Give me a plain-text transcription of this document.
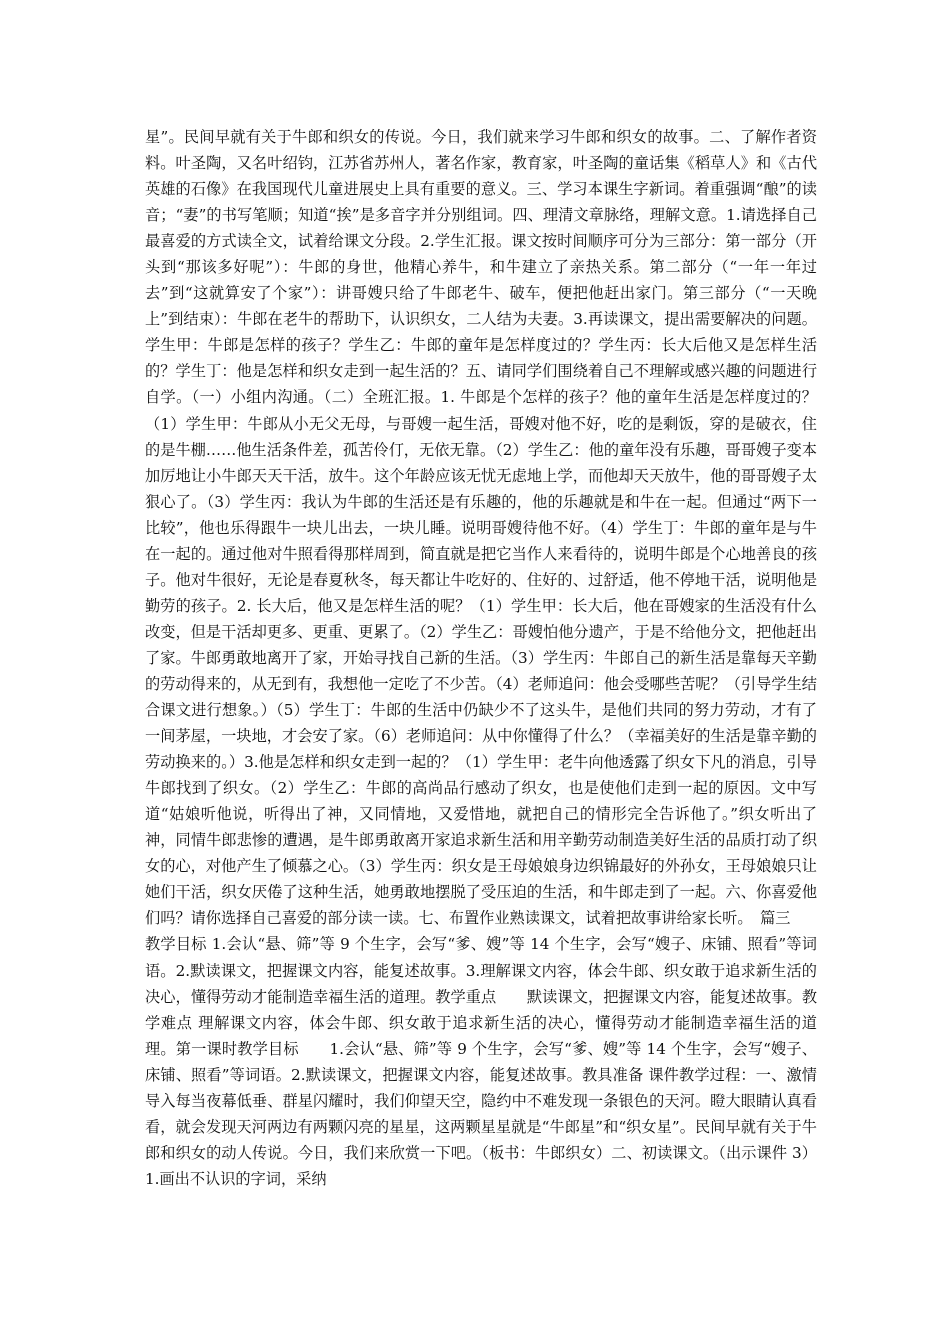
星”。民间早就有关于牛郎和织女的传说。今日，我们就来学习牛郎和织女的故事。二、了解作者资料。叶圣陶，又名叶绍钧，江苏省苏州人，著名作家，教育家，叶圣陶的童话集《稻草人》和《古代英雄的石像》在我国现代儿童进展史上具有重要的意义。三、学习本课生字新词。着重强调“酿”的读音；“妻”的书写笔顺；知道“挨”是多音字并分别组词。四、理清文章脉络，理解文意。1.请选择自己最喜爱的方式读全文，试着给课文分段。2.学生汇报。课文按时间顺序可分为三部分：第一部分（开头到“那该多好呢”）：牛郎的身世，他精心养牛，和牛建立了亲热关系。第二部分（“一年一年过去”到“这就算安了个家”）：讲哥嫂只给了牛郎老牛、破车，便把他赶出家门。第三部分（“一天晚上”到结束）：牛郎在老牛的帮助下，认识织女，二人结为夫妻。3.再读课文，提出需要解决的问题。学生甲：牛郎是怎样的孩子？学生乙：牛郎的童年是怎样度过的？学生丙：长大后他又是怎样生活的？学生丁：他是怎样和织女走到一起生活的？五、请同学们围绕着自己不理解或感兴趣的问题进行自学。（一）小组内沟通。（二）全班汇报。1. 牛郎是个怎样的孩子？他的童年生活是怎样度过的？（1）学生甲：牛郎从小无父无母，与哥嫂一起生活，哥嫂对他不好，吃的是剩饭，穿的是破衣，住的是牛棚……他生活条件差，孤苦伶仃，无依无靠。（2）学生乙：他的童年没有乐趣，哥哥嫂子变本加厉地让小牛郎天天干活，放牛。这个年龄应该无忧无虑地上学，而他却天天放牛，他的哥哥嫂子太狠心了。（3）学生丙：我认为牛郎的生活还是有乐趣的，他的乐趣就是和牛在一起。但通过“两下一比较”，他也乐得跟牛一块儿出去，一块儿睡。说明哥嫂待他不好。（4）学生丁：牛郎的童年是与牛在一起的。通过他对牛照看得那样周到，简直就是把它当作人来看待的，说明牛郎是个心地善良的孩子。他对牛很好，无论是春夏秋冬，每天都让牛吃好的、住好的、过舒适，他不停地干活，说明他是勤劳的孩子。2. 长大后，他又是怎样生活的呢？（1）学生甲：长大后，他在哥嫂家的生活没有什么改变，但是干活却更多、更重、更累了。（2）学生乙：哥嫂怕他分遗产，于是不给他分文，把他赶出了家。牛郎勇敢地离开了家，开始寻找自己新的生活。（3）学生丙：牛郎自己的新生活是靠每天辛勤的劳动得来的，从无到有，我想他一定吃了不少苦。（4）老师追问：他会受哪些苦呢？（引导学生结合课文进行想象。）（5）学生丁：牛郎的生活中仍缺少不了这头牛，是他们共同的努力劳动，才有了一间茅屋，一块地，才会安了家。（6）老师追问：从中你懂得了什么？（幸福美好的生活是靠辛勤的劳动换来的。）3.他是怎样和织女走到一起的？（1）学生甲：老牛向他透露了织女下凡的消息，引导牛郎找到了织女。（2）学生乙：牛郎的高尚品行感动了织女，也是使他们走到一起的原因。文中写道“姑娘听他说，听得出了神，又同情地，又爱惜地，就把自己的情形完全告诉他了。”织女听出了神，同情牛郎悲惨的遭遇，是牛郎勇敢离开家追求新生活和用辛勤劳动制造美好生活的品质打动了织女的心，对他产生了倾慕之心。（3）学生丙：织女是王母娘娘身边织锦最好的外孙女，王母娘娘只让她们干活，织女厌倦了这种生活，她勇敢地摆脱了受压迫的生活，和牛郎走到了一起。六、你喜爱他们吗？请你选择自己喜爱的部分读一读。七、布置作业熟读课文，试着把故事讲给家长听。　篇三

教学目标 1.会认“悬、筛”等 9 个生字，会写“爹、嫂”等 14 个生字，会写“嫂子、床铺、照看”等词语。2.默读课文，把握课文内容，能复述故事。3.理解课文内容，体会牛郎、织女敢于追求新生活的决心，懂得劳动才能制造幸福生活的道理。教学重点　　默读课文，把握课文内容，能复述故事。教学难点 理解课文内容，体会牛郎、织女敢于追求新生活的决心，懂得劳动才能制造幸福生活的道理。第一课时教学目标　　1.会认“悬、筛”等 9 个生字，会写“爹、嫂”等 14 个生字，会写“嫂子、床铺、照看”等词语。2.默读课文，把握课文内容，能复述故事。教具准备 课件教学过程：一、激情导入每当夜幕低垂、群星闪耀时，我们仰望天空，隐约中不难发现一条银色的天河。瞪大眼睛认真看看，就会发现天河两边有两颗闪亮的星星，这两颗星星就是“牛郎星”和“织女星”。民间早就有关于牛郎和织女的动人传说。今日，我们来欣赏一下吧。（板书：牛郎织女）二、初读课文。（出示课件 3）1.画出不认识的字词，采纳
